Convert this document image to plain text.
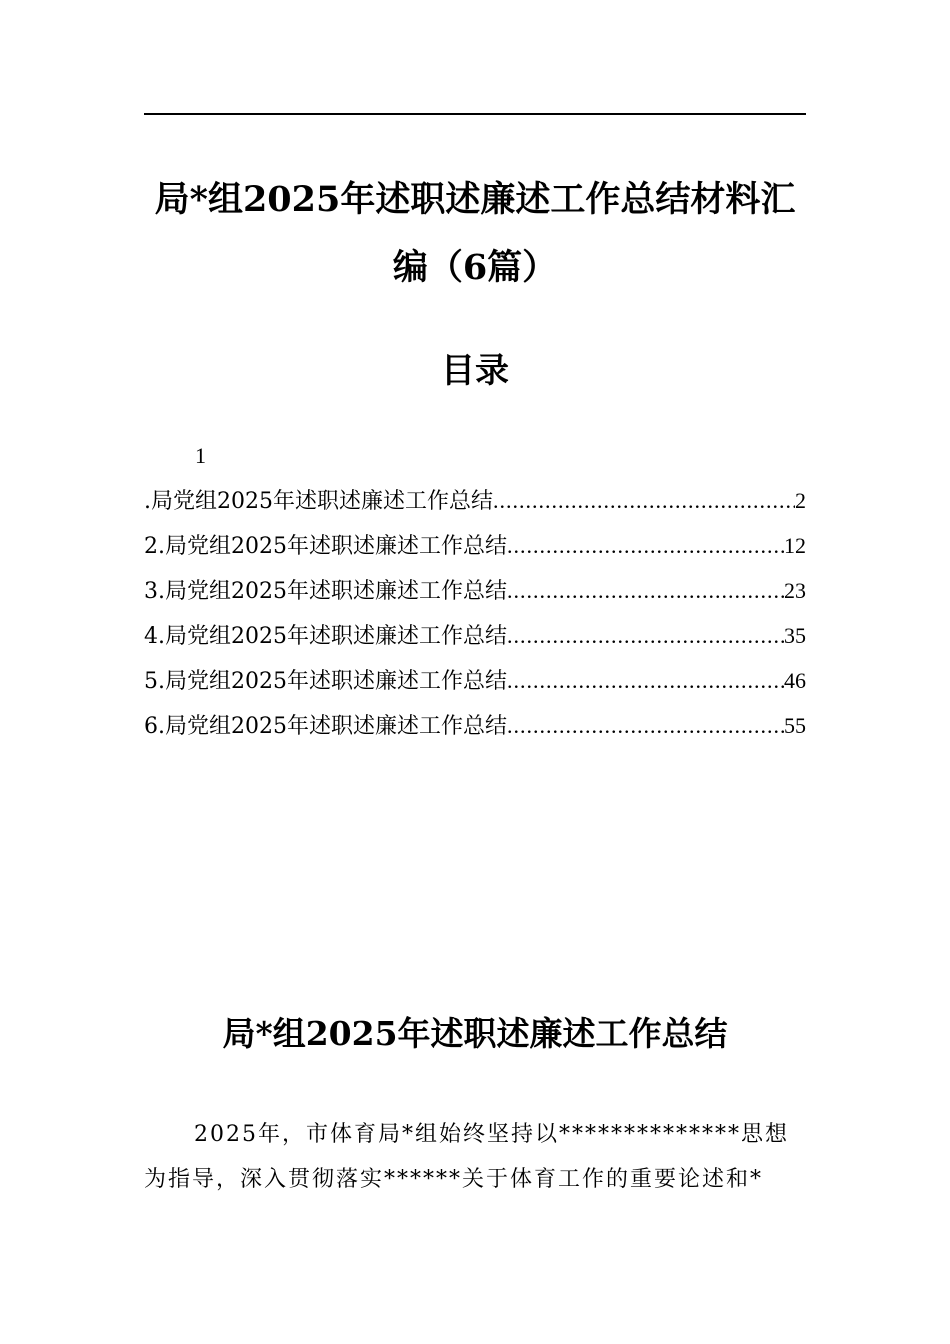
局*组2025年述职述廉述工作总结材料汇
编（6篇）
目录
1
.局党组2025年述职述廉述工作总结 .....	2
2.局党组2025年述职述廉述工作总结 .....	12
3.局党组2025年述职述廉述工作总结 .....	23
4.局党组2025年述职述廉述工作总结 .....	35
5.局党组2025年述职述廉述工作总结 .....	46
6.局党组2025年述职述廉述工作总结 .....	55
局*组2025年述职述廉述工作总结
2025年，市体育局*组始终坚持以**************思想
为指导，深入贯彻落实******关于体育工作的重要论述和*
